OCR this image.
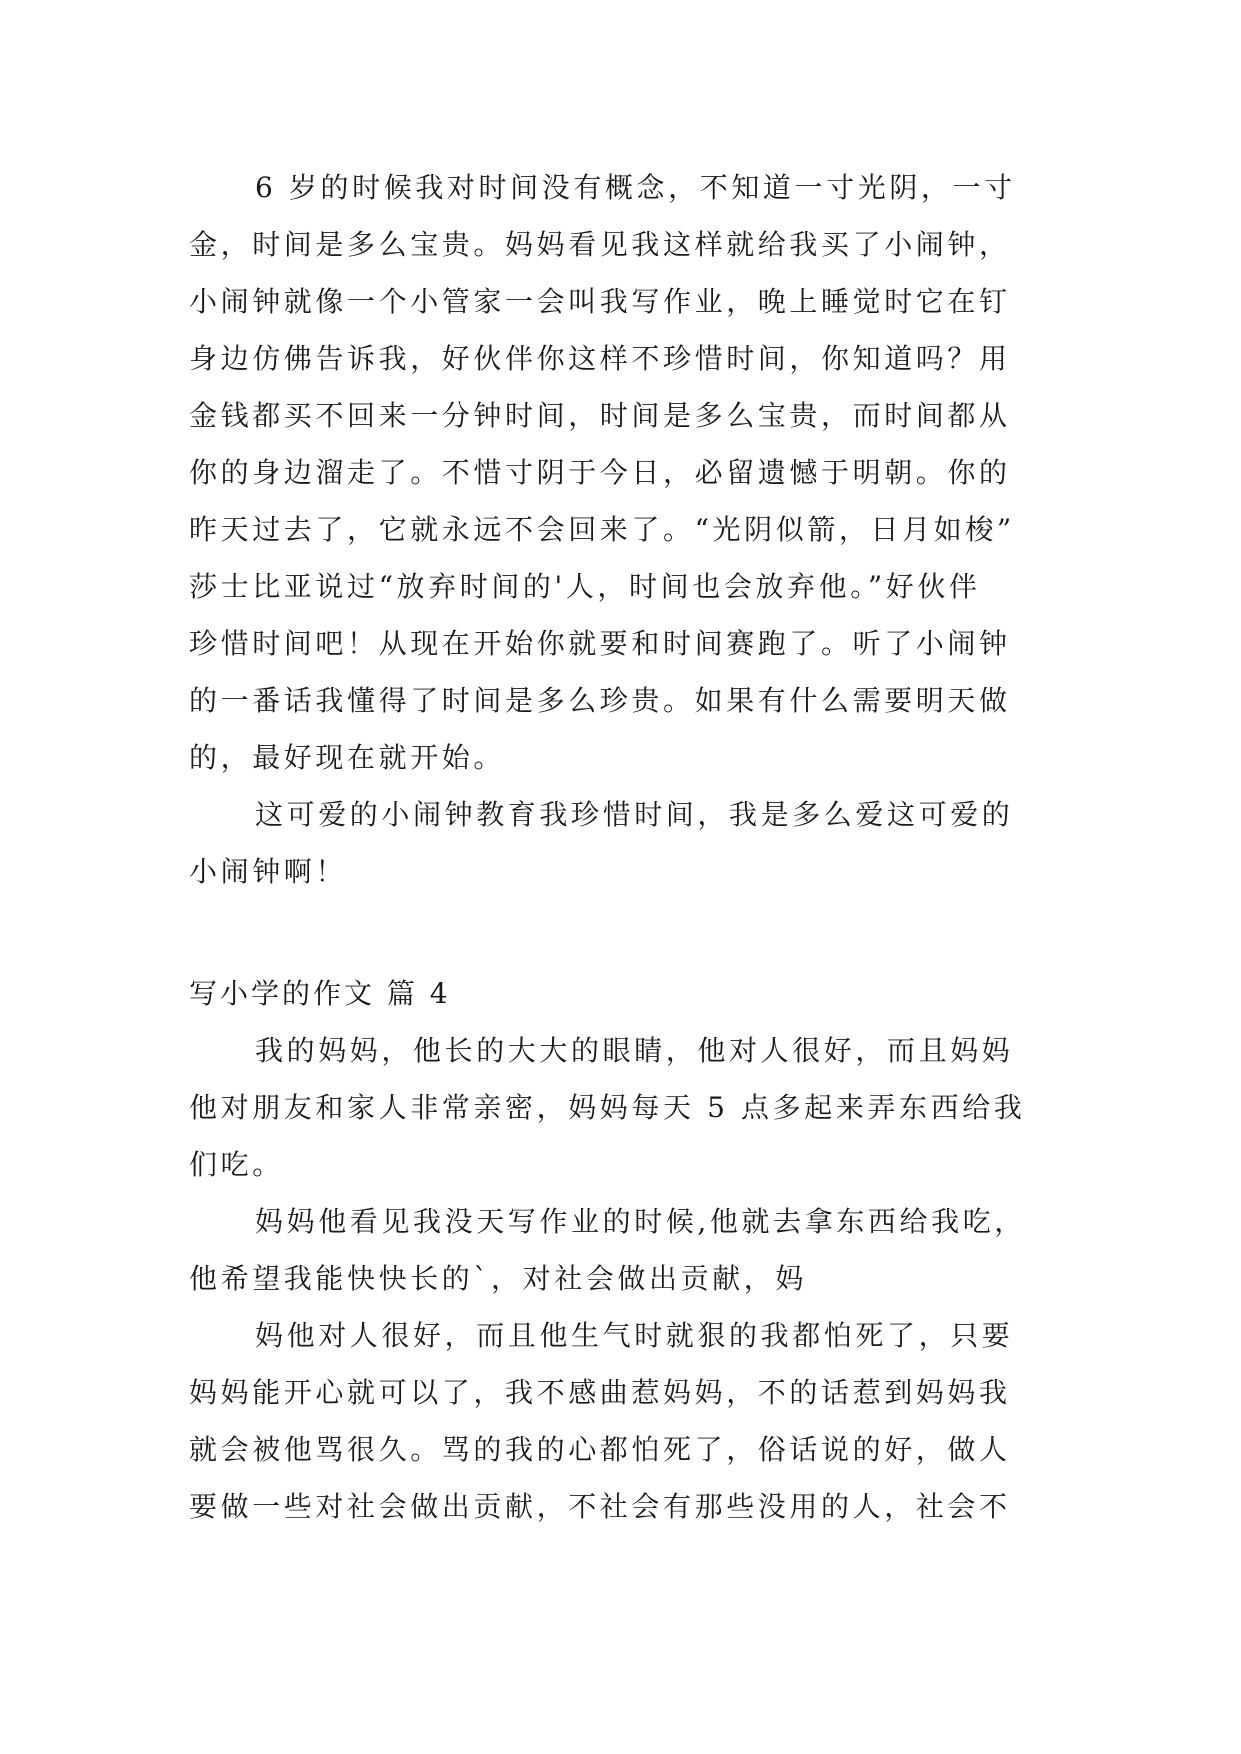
6 岁的时候我对时间没有概念，不知道一寸光阴，一寸
金，时间是多么宝贵。妈妈看见我这样就给我买了小闹钟，
小闹钟就像一个小管家一会叫我写作业，晚上睡觉时它在钉
身边仿佛告诉我，好伙伴你这样不珍惜时间，你知道吗？用
金钱都买不回来一分钟时间，时间是多么宝贵，而时间都从
你的身边溜走了。不惜寸阴于今日，必留遗憾于明朝。你的
昨天过去了，它就永远不会回来了。“光阴似箭，日月如梭”
莎士比亚说过“放弃时间的'人，时间也会放弃他。”好伙伴
珍惜时间吧！从现在开始你就要和时间赛跑了。听了小闹钟
的一番话我懂得了时间是多么珍贵。如果有什么需要明天做
的，最好现在就开始。
这可爱的小闹钟教育我珍惜时间，我是多么爱这可爱的
小闹钟啊！
写小学的作文 篇 4
我的妈妈，他长的大大的眼睛，他对人很好，而且妈妈
他对朋友和家人非常亲密，妈妈每天 5 点多起来弄东西给我
们吃。
妈妈他看见我没天写作业的时候,他就去拿东西给我吃，
他希望我能快快长的`，对社会做出贡献，妈
妈他对人很好，而且他生气时就狠的我都怕死了，只要
妈妈能开心就可以了，我不感曲惹妈妈，不的话惹到妈妈我
就会被他骂很久。骂的我的心都怕死了，俗话说的好，做人
要做一些对社会做出贡献，不社会有那些没用的人，社会不
